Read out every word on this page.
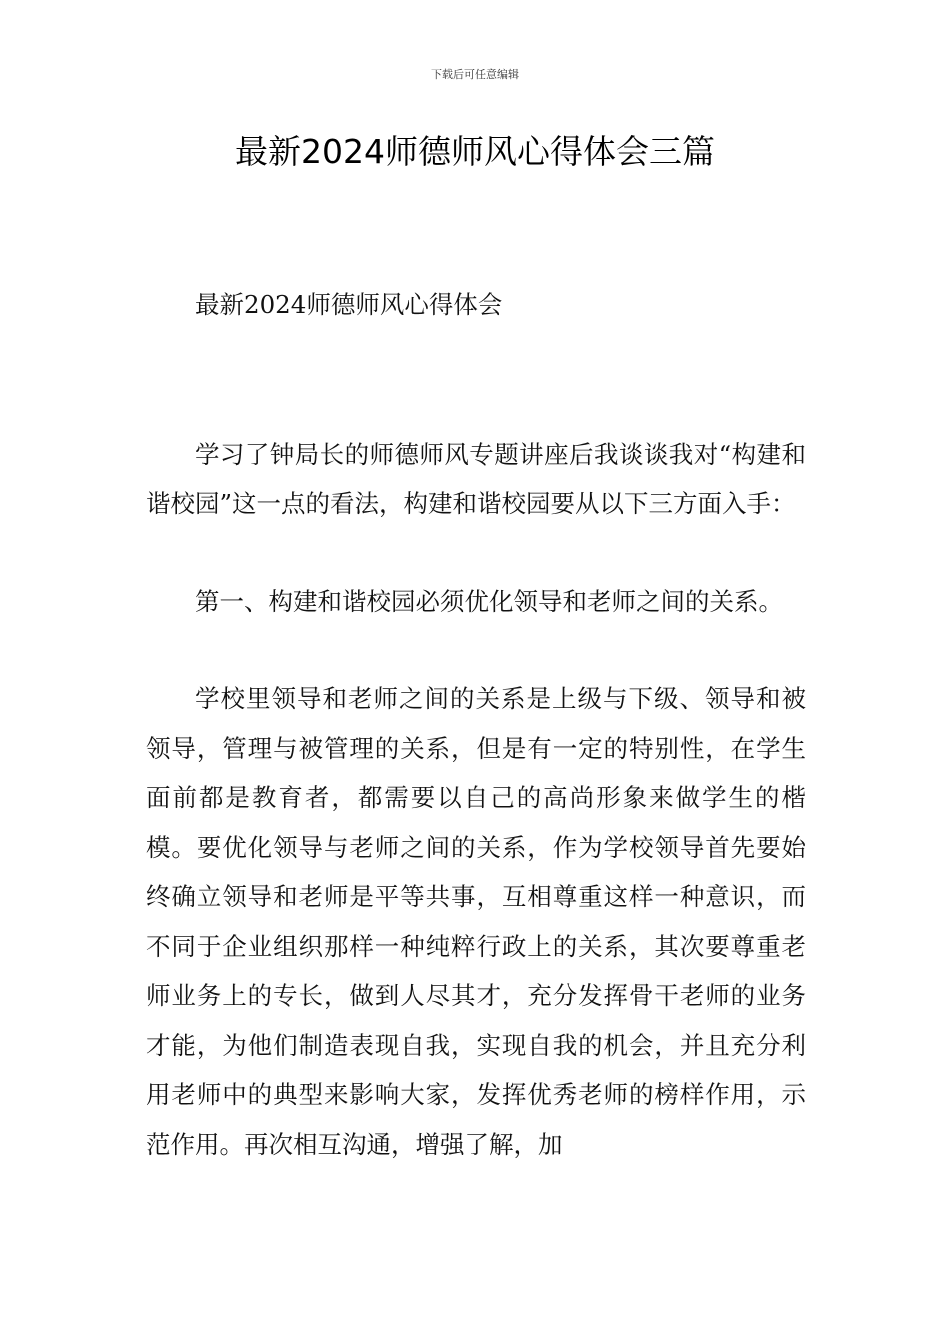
下载后可任意编辑
最新2024师德师风心得体会三篇

最新2024师德师风心得体会

学习了钟局长的师德师风专题讲座后我谈谈我对“构建和谐校园”这一点的看法，构建和谐校园要从以下三方面入手：

第一、构建和谐校园必须优化领导和老师之间的关系。

学校里领导和老师之间的关系是上级与下级、领导和被领导，管理与被管理的关系，但是有一定的特别性，在学生面前都是教育者，都需要以自己的高尚形象来做学生的楷模。要优化领导与老师之间的关系，作为学校领导首先要始终确立领导和老师是平等共事，互相尊重这样一种意识，而不同于企业组织那样一种纯粹行政上的关系，其次要尊重老师业务上的专长，做到人尽其才，充分发挥骨干老师的业务才能，为他们制造表现自我，实现自我的机会，并且充分利用老师中的典型来影响大家，发挥优秀老师的榜样作用，示范作用。再次相互沟通，增强了解，加
